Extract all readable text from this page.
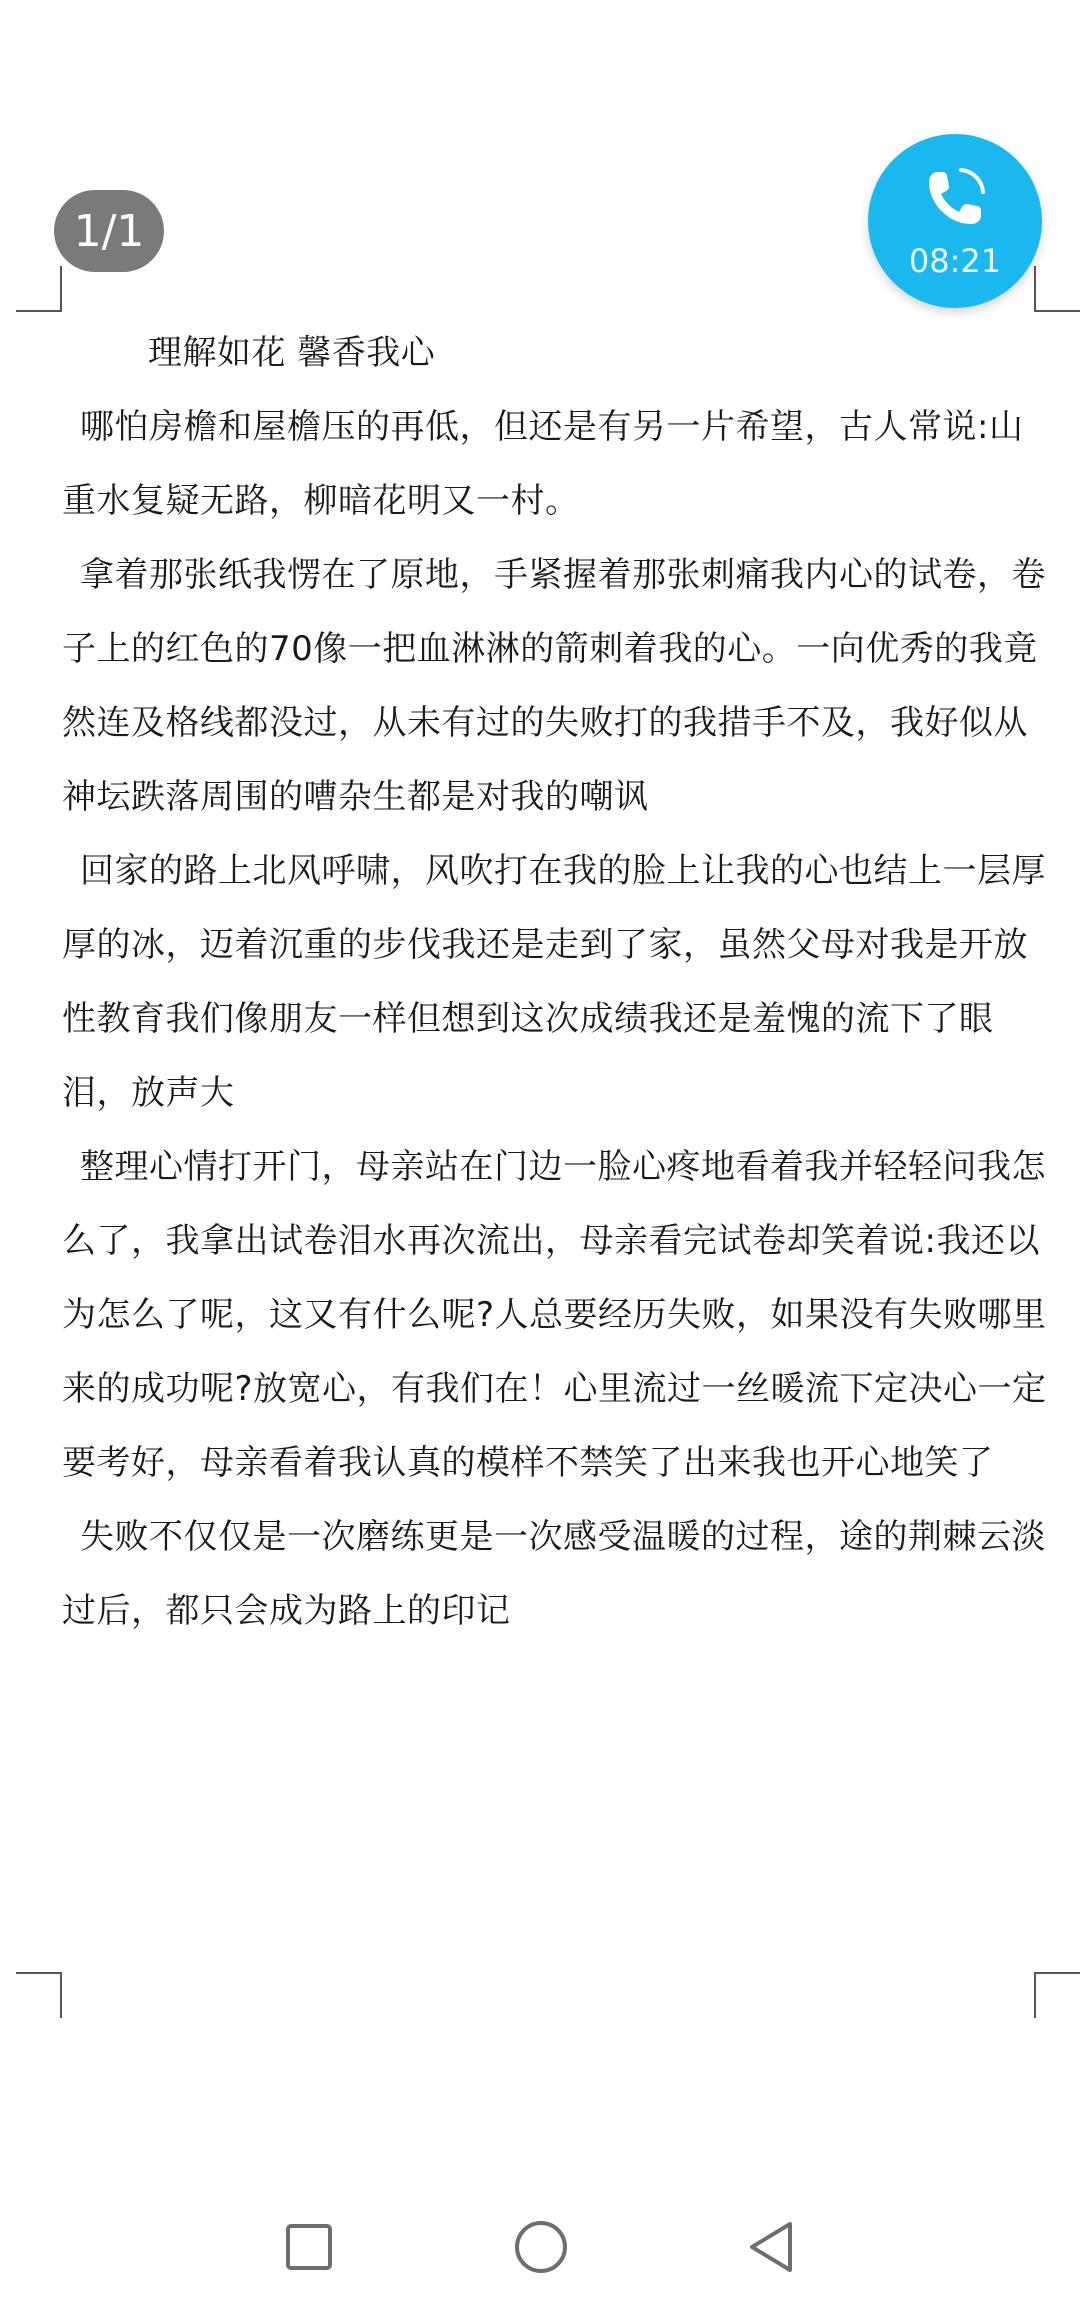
1/1
08:21

理解如花 馨香我心

哪怕房檐和屋檐压的再低，但还是有另一片希望，古人常说:山重水复疑无路，柳暗花明又一村。

拿着那张纸我愣在了原地，手紧握着那张刺痛我内心的试卷，卷子上的红色的70像一把血淋淋的箭刺着我的心。一向优秀的我竟然连及格线都没过，从未有过的失败打的我措手不及，我好似从神坛跌落周围的嘈杂生都是对我的嘲讽

回家的路上北风呼啸，风吹打在我的脸上让我的心也结上一层厚厚的冰，迈着沉重的步伐我还是走到了家，虽然父母对我是开放性教育我们像朋友一样但想到这次成绩我还是羞愧的流下了眼泪，放声大

整理心情打开门，母亲站在门边一脸心疼地看着我并轻轻问我怎么了，我拿出试卷泪水再次流出，母亲看完试卷却笑着说:我还以为怎么了呢，这又有什么呢?人总要经历失败，如果没有失败哪里来的成功呢?放宽心，有我们在！心里流过一丝暖流下定决心一定要考好，母亲看着我认真的模样不禁笑了出来我也开心地笑了

失败不仅仅是一次磨练更是一次感受温暖的过程，途的荆棘云淡过后，都只会成为路上的印记
